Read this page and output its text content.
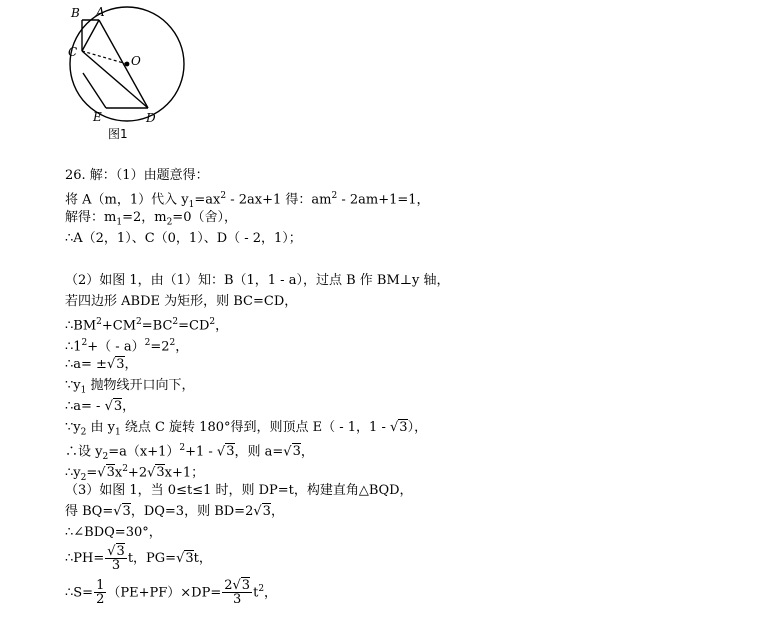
B A
C
O
E	D
图1
26. 解：（1）由题意得：
将 A（m，1）代入 $y_1=ax^2 - 2ax+1$ 得：$am^2 - 2am+1=1$，
解得：$m_1=2$，$m_2=0$（舍），
∴A（2，1）、C（0，1）、D（ - 2，1）；
（2）如图 1，由（1）知：B（1，1 - a），过点 B 作 BM⊥y 轴，
若四边形 ABDE 为矩形，则 BC=CD，
$\therefore BM^2+CM^2=BC^2=CD^2$，
$\therefore 1^2+( - a)^2=2^2$，
∴a= ±√3，
$\because y_1$ 抛物线开口向下，
∴a= - √3，
$\because y_2$ 由 $y_1$ 绕点 C 旋转 180°得到，则顶点 E（ - 1，1 - √3），
∴设 $y_2=a(x+1)^2+1 - √3$，则 a=√3，
$\therefore y_2=√3x^2+2√3x+1$；
（3）如图 1，当 0≤t≤1 时，则 DP=t，构建直角△BQD，
得 BQ=√3，DQ=3，则 BD=2√3，
∴∠BDQ=30°，
∴PH= $\frac{√3}{3}$ t，PG=√3t，
∴S= $\frac{1}{2} (PE+PF)\times DP= \frac{2√3}{3} t^2$，
